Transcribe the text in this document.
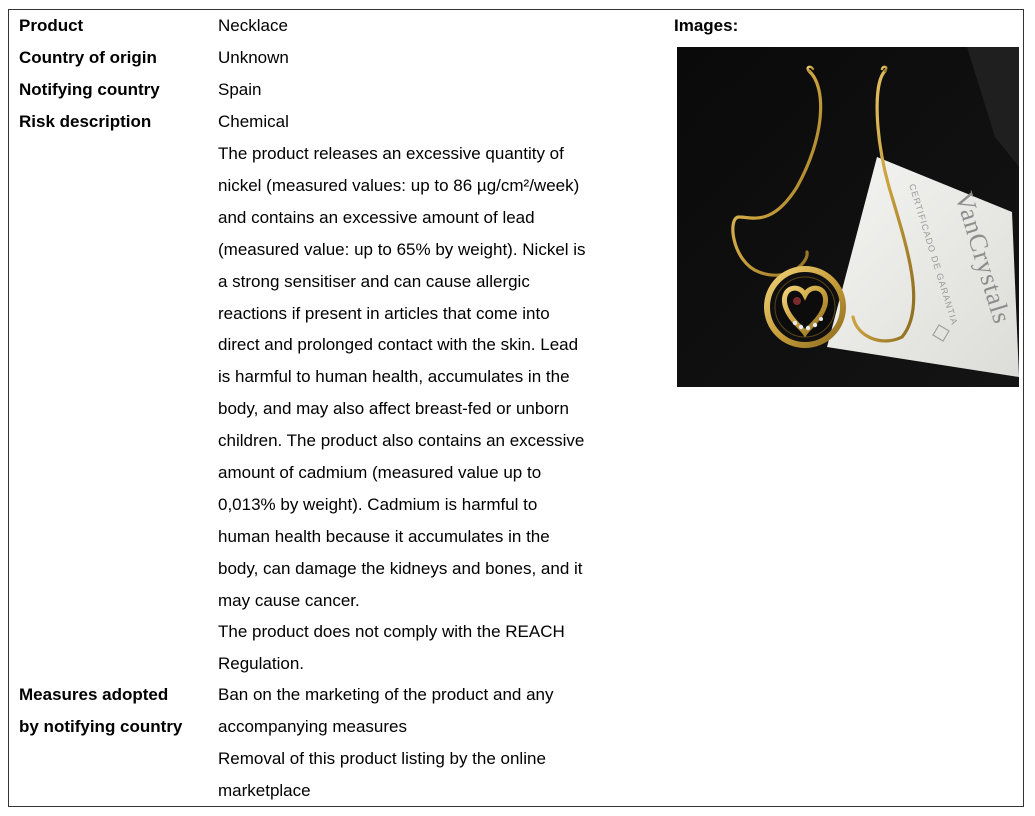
Product
Country of origin
Notifying country
Risk description
Measures adopted
by notifying country
Necklace
Unknown
Spain
Chemical

The product releases an excessive quantity of

nickel (measured values: up to 86 µg/cm²/week)

and contains an excessive amount of lead

(measured value: up to 65% by weight). Nickel is

a strong sensitiser and can cause allergic

reactions if present in articles that come into

direct and prolonged contact with the skin. Lead

is harmful to human health, accumulates in the

body, and may also affect breast-fed or unborn

children. The product also contains an excessive

amount of cadmium (measured value up to

0,013% by weight). Cadmium is harmful to

human health because it accumulates in the

body, can damage the kidneys and bones, and it

may cause cancer.

The product does not comply with the REACH

Regulation.

Ban on the marketing of the product and any

accompanying measures

Removal of this product listing by the online

marketplace

Images:
VanCrystals
CERTIFICADO DE GARANTIA
